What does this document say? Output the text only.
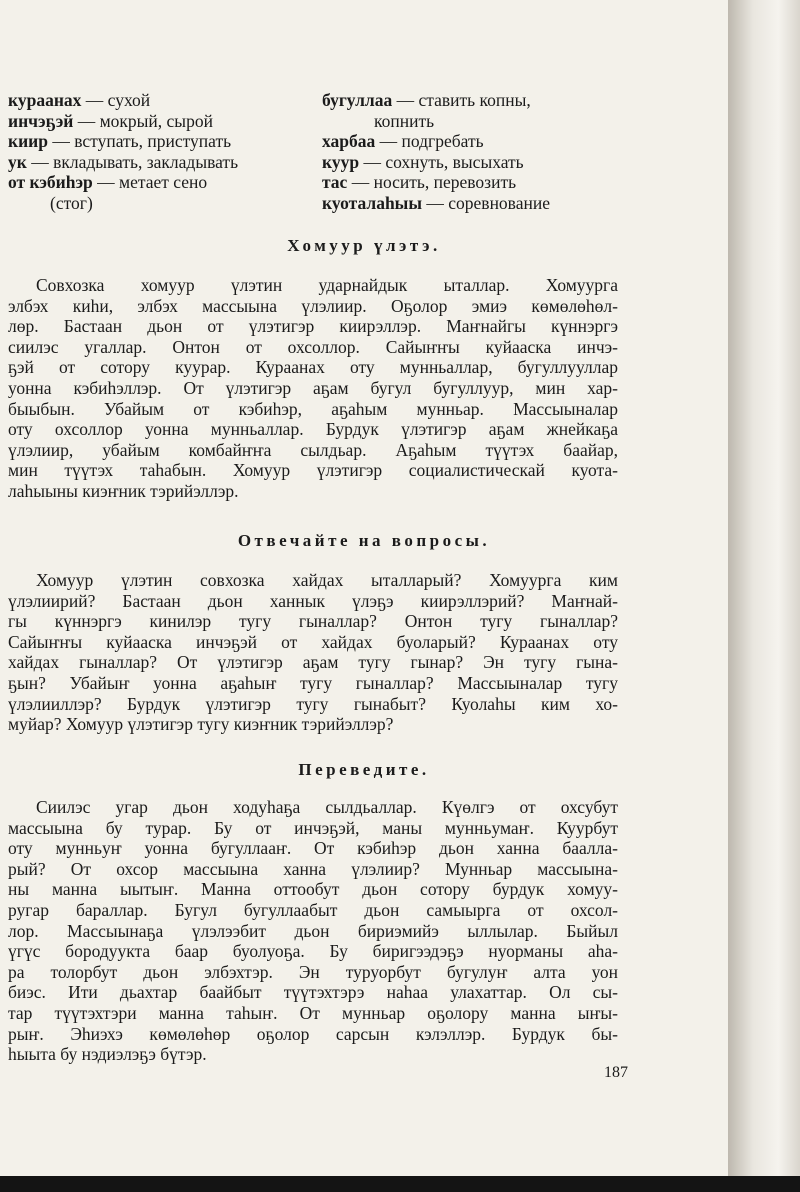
кураанах — сухой
инчэҕэй — мокрый, сырой
киир — вступать, приступать
ук — вкладывать, закладывать
от кэбиһэр — метает сено
(стог)
бугуллаа — ставить копны,
копнить
харбаа — подгребать
куур — сохнуть, высыхать
тас — носить, перевозить
куоталаһыы — соревнование
Хомуур үлэтэ.
Совхозка хомуур үлэтин ударнайдык ыталлар. Хомуурга
элбэх киһи, элбэх массыына үлэлиир. Оҕолор эмиэ көмөлөһөл-
лөр. Бастаан дьон от үлэтигэр киирэллэр. Маҥнайгы күннэргэ
сиилэс угаллар. Онтон от охсоллор. Сайыҥҥы куйааска инчэ-
ҕэй от сотору куурар. Кураанах оту мунньаллар, бугуллууллар
уонна кэбиһэллэр. От үлэтигэр аҕам бугул бугуллуур, мин хар-
быыбын. Убайым от кэбиһэр, аҕаһым мунньар. Массыыналар
оту охсоллор уонна мунньаллар. Бурдук үлэтигэр аҕам жнейкаҕа
үлэлиир, убайым комбайҥҥа сылдьар. Аҕаһым түүтэх баайар,
мин түүтэх таһабын. Хомуур үлэтигэр социалистическай куота-
лаһыыны киэҥник тэрийэллэр.
Отвечайте на вопросы.
Хомуур үлэтин совхозка хайдах ыталларый? Хомуурга ким
үлэлиирий? Бастаан дьон ханнык үлэҕэ киирэллэрий? Маҥнай-
гы күннэргэ кинилэр тугу гыналлар? Онтон тугу гыналлар?
Сайыҥҥы куйааска инчэҕэй от хайдах буоларый? Кураанах оту
хайдах гыналлар? От үлэтигэр аҕам тугу гынар? Эн тугу гына-
ҕын? Убайыҥ уонна аҕаһыҥ тугу гыналлар? Массыыналар тугу
үлэлииллэр? Бурдук үлэтигэр тугу гынабыт? Куолаһы ким хо-
муйар? Хомуур үлэтигэр тугу киэҥник тэрийэллэр?
Переведите.
Сиилэс угар дьон ходуһаҕа сылдьаллар. Күөлгэ от охсубут
массыына бу турар. Бу от инчэҕэй, маны мунньумаҥ. Куурбут
оту мунньуҥ уонна бугуллааҥ. От кэбиһэр дьон ханна баалла-
рый? От охсор массыына ханна үлэлиир? Мунньар массыына-
ны манна ыытыҥ. Манна оттообут дьон сотору бурдук хомуу-
ругар бараллар. Бугул бугуллаабыт дьон самыырга от охсол-
лор. Массыынаҕа үлэлээбит дьон бириэмийэ ыллылар. Быйыл
үгүс бородуукта баар буолуоҕа. Бу биригээдэҕэ нуорманы аһа-
ра толорбут дьон элбэхтэр. Эн туруорбут бугулуҥ алта уон
биэс. Ити дьахтар баайбыт түүтэхтэрэ наһаа улахаттар. Ол сы-
тар түүтэхтэри манна таһыҥ. От мунньар оҕолору манна ыҥы-
рыҥ. Эһиэхэ көмөлөһөр оҕолор сарсын кэлэллэр. Бурдук бы-
һыыта бу нэдиэлэҕэ бүтэр.
187
